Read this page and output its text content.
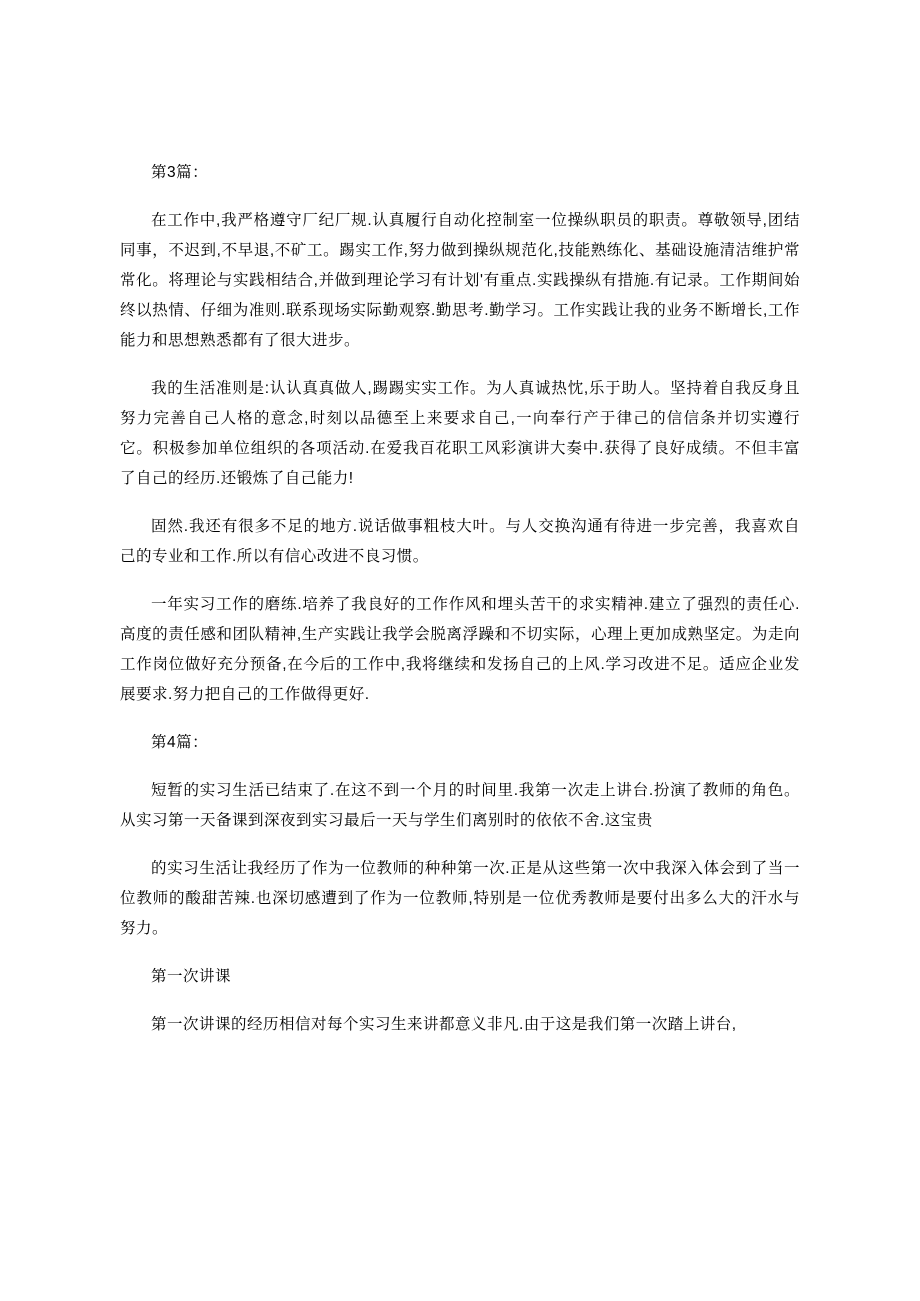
第3篇：

在工作中,我严格遵守厂纪厂规.认真履行自动化控制室一位操纵职员的职责。尊敬领导,团结同事，不迟到,不早退,不矿工。踢实工作,努力做到操纵规范化,技能熟练化、基础设施清洁维护常常化。将理论与实践相结合,并做到理论学习有计划'有重点.实践操纵有措施.有记录。工作期间始终以热情、仔细为准则.联系现场实际勤观察.勤思考.勤学习。工作实践让我的业务不断增长,工作能力和思想熟悉都有了很大进步。

我的生活准则是:认认真真做人,踢踢实实工作。为人真诚热忱,乐于助人。坚持着自我反身且努力完善自己人格的意念,时刻以品德至上来要求自己,一向奉行产于律己的信信条并切实遵行它。积极参加单位组织的各项活动.在爱我百花职工风彩演讲大奏中.获得了良好成绩。不但丰富了自己的经历.还锻炼了自己能力!

固然.我还有很多不足的地方.说话做事粗枝大叶。与人交换沟通有待进一步完善，我喜欢自己的专业和工作.所以有信心改进不良习惯。

一年实习工作的磨练.培养了我良好的工作作风和埋头苦干的求实精神.建立了强烈的责任心.高度的责任感和团队精神,生产实践让我学会脱离浮躁和不切实际，心理上更加成熟坚定。为走向工作岗位做好充分预备,在今后的工作中,我将继续和发扬自己的上风.学习改进不足。适应企业发展要求.努力把自己的工作做得更好.

第4篇：

短暂的实习生活已结束了.在这不到一个月的时间里.我第一次走上讲台.扮演了教师的角色。从实习第一天备课到深夜到实习最后一天与学生们离别时的依依不舍.这宝贵

的实习生活让我经历了作为一位教师的种种第一次.正是从这些第一次中我深入体会到了当一位教师的酸甜苦辣.也深切感遭到了作为一位教师,特别是一位优秀教师是要付出多么大的汗水与努力。

第一次讲课

第一次讲课的经历相信对每个实习生来讲都意义非凡.由于这是我们第一次踏上讲台,
